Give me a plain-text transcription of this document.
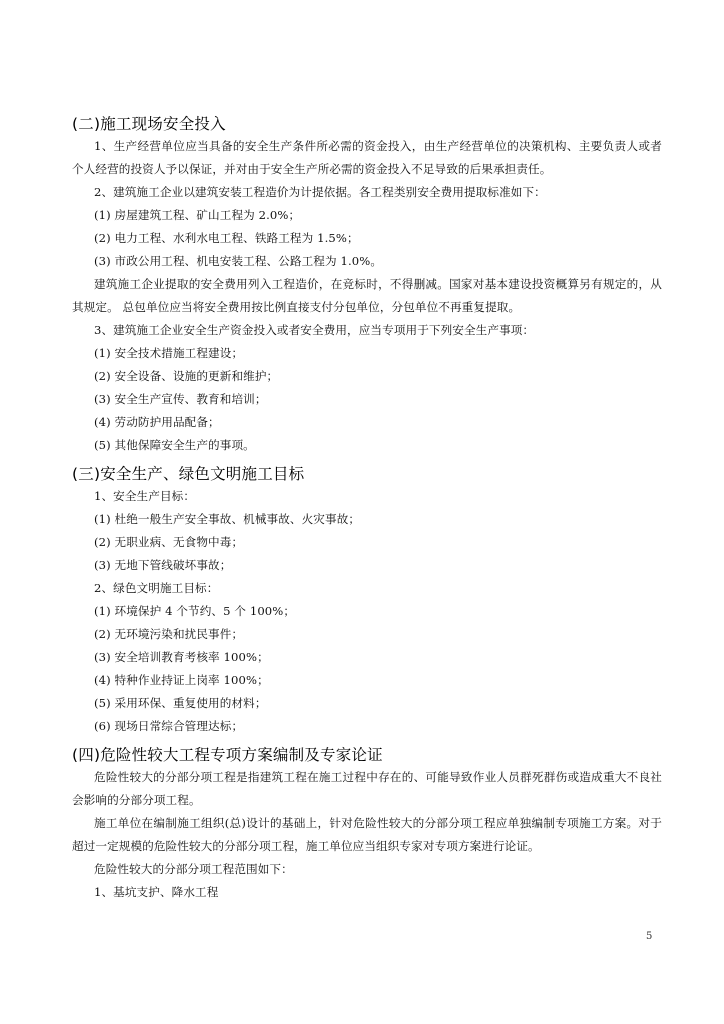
(二)施工现场安全投入

1、生产经营单位应当具备的安全生产条件所必需的资金投入，由生产经营单位的决策机构、主要负责人或者个人经营的投资人予以保证，并对由于安全生产所必需的资金投入不足导致的后果承担责任。

2、建筑施工企业以建筑安装工程造价为计提依据。各工程类别安全费用提取标准如下：

(1) 房屋建筑工程、矿山工程为 2.0%；

(2) 电力工程、水利水电工程、铁路工程为 1.5%；

(3) 市政公用工程、机电安装工程、公路工程为 1.0%。

建筑施工企业提取的安全费用列入工程造价，在竞标时，不得删减。国家对基本建设投资概算另有规定的，从其规定。 总包单位应当将安全费用按比例直接支付分包单位，分包单位不再重复提取。

3、建筑施工企业安全生产资金投入或者安全费用，应当专项用于下列安全生产事项：

(1) 安全技术措施工程建设；

(2) 安全设备、设施的更新和维护；

(3) 安全生产宣传、教育和培训；

(4) 劳动防护用品配备；

(5) 其他保障安全生产的事项。

(三)安全生产、绿色文明施工目标

1、安全生产目标：

(1) 杜绝一般生产安全事故、机械事故、火灾事故；

(2) 无职业病、无食物中毒；

(3) 无地下管线破坏事故；

2、绿色文明施工目标：

(1) 环境保护 4 个节约、5 个 100%；

(2) 无环境污染和扰民事件；

(3) 安全培训教育考核率 100%；

(4) 特种作业持证上岗率 100%；

(5) 采用环保、重复使用的材料；

(6) 现场日常综合管理达标；

(四)危险性较大工程专项方案编制及专家论证

危险性较大的分部分项工程是指建筑工程在施工过程中存在的、可能导致作业人员群死群伤或造成重大不良社会影响的分部分项工程。

施工单位在编制施工组织(总)设计的基础上，针对危险性较大的分部分项工程应单独编制专项施工方案。对于超过一定规模的危险性较大的分部分项工程，施工单位应当组织专家对专项方案进行论证。

危险性较大的分部分项工程范围如下：

1、基坑支护、降水工程

5
